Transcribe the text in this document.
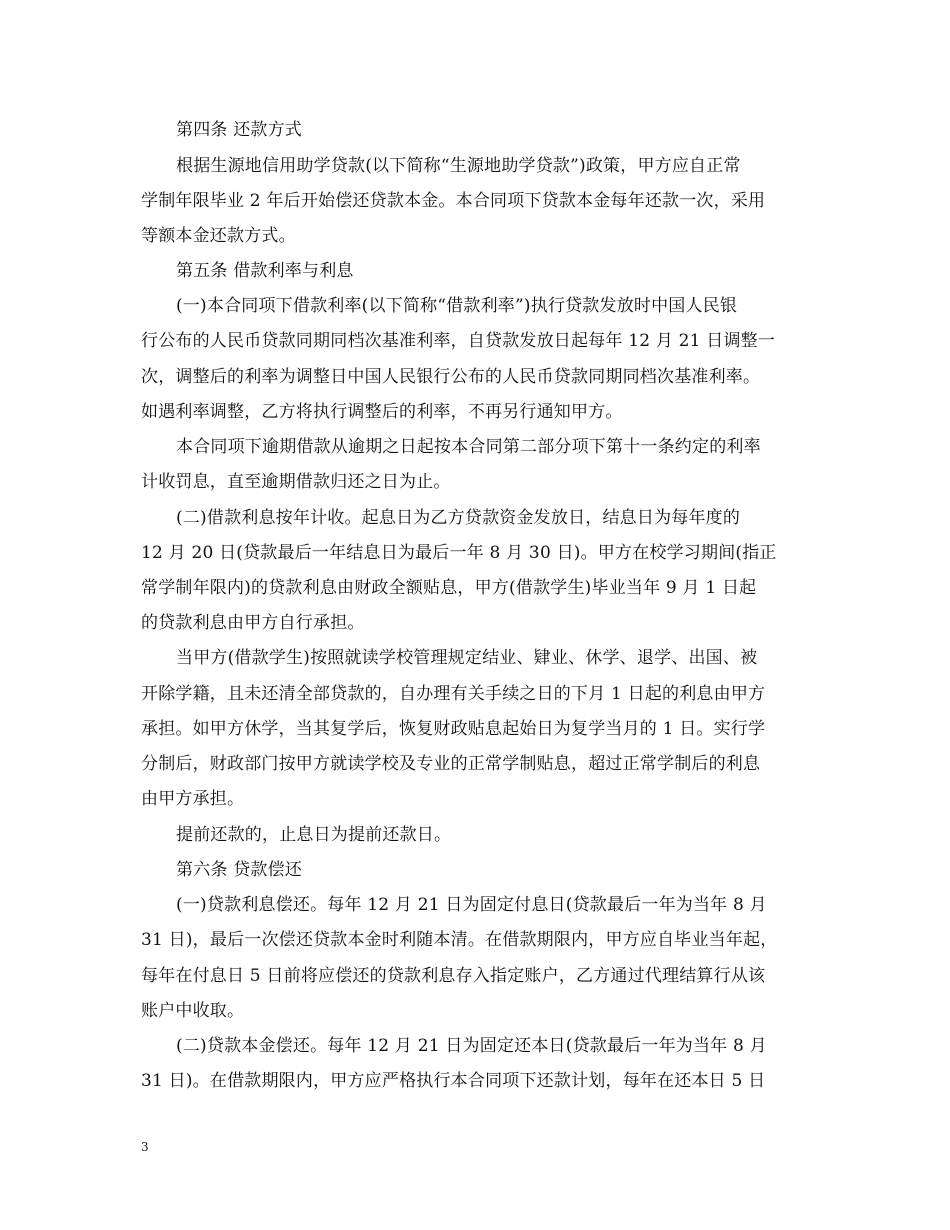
第四条 还款方式
根据生源地信用助学贷款(以下简称“生源地助学贷款”)政策，甲方应自正常
学制年限毕业 2 年后开始偿还贷款本金。本合同项下贷款本金每年还款一次，采用
等额本金还款方式。
第五条 借款利率与利息
(一)本合同项下借款利率(以下简称“借款利率”)执行贷款发放时中国人民银
行公布的人民币贷款同期同档次基准利率，自贷款发放日起每年 12 月 21 日调整一
次，调整后的利率为调整日中国人民银行公布的人民币贷款同期同档次基准利率。
如遇利率调整，乙方将执行调整后的利率，不再另行通知甲方。
本合同项下逾期借款从逾期之日起按本合同第二部分项下第十一条约定的利率
计收罚息，直至逾期借款归还之日为止。
(二)借款利息按年计收。起息日为乙方贷款资金发放日，结息日为每年度的
12 月 20 日(贷款最后一年结息日为最后一年 8 月 30 日)。甲方在校学习期间(指正
常学制年限内)的贷款利息由财政全额贴息，甲方(借款学生)毕业当年 9 月 1 日起
的贷款利息由甲方自行承担。
当甲方(借款学生)按照就读学校管理规定结业、肄业、休学、退学、出国、被
开除学籍，且未还清全部贷款的，自办理有关手续之日的下月 1 日起的利息由甲方
承担。如甲方休学，当其复学后，恢复财政贴息起始日为复学当月的 1 日。实行学
分制后，财政部门按甲方就读学校及专业的正常学制贴息，超过正常学制后的利息
由甲方承担。
提前还款的，止息日为提前还款日。
第六条 贷款偿还
(一)贷款利息偿还。每年 12 月 21 日为固定付息日(贷款最后一年为当年 8 月
31 日)，最后一次偿还贷款本金时利随本清。在借款期限内，甲方应自毕业当年起，
每年在付息日 5 日前将应偿还的贷款利息存入指定账户，乙方通过代理结算行从该
账户中收取。
(二)贷款本金偿还。每年 12 月 21 日为固定还本日(贷款最后一年为当年 8 月
31 日)。在借款期限内，甲方应严格执行本合同项下还款计划，每年在还本日 5 日
3
